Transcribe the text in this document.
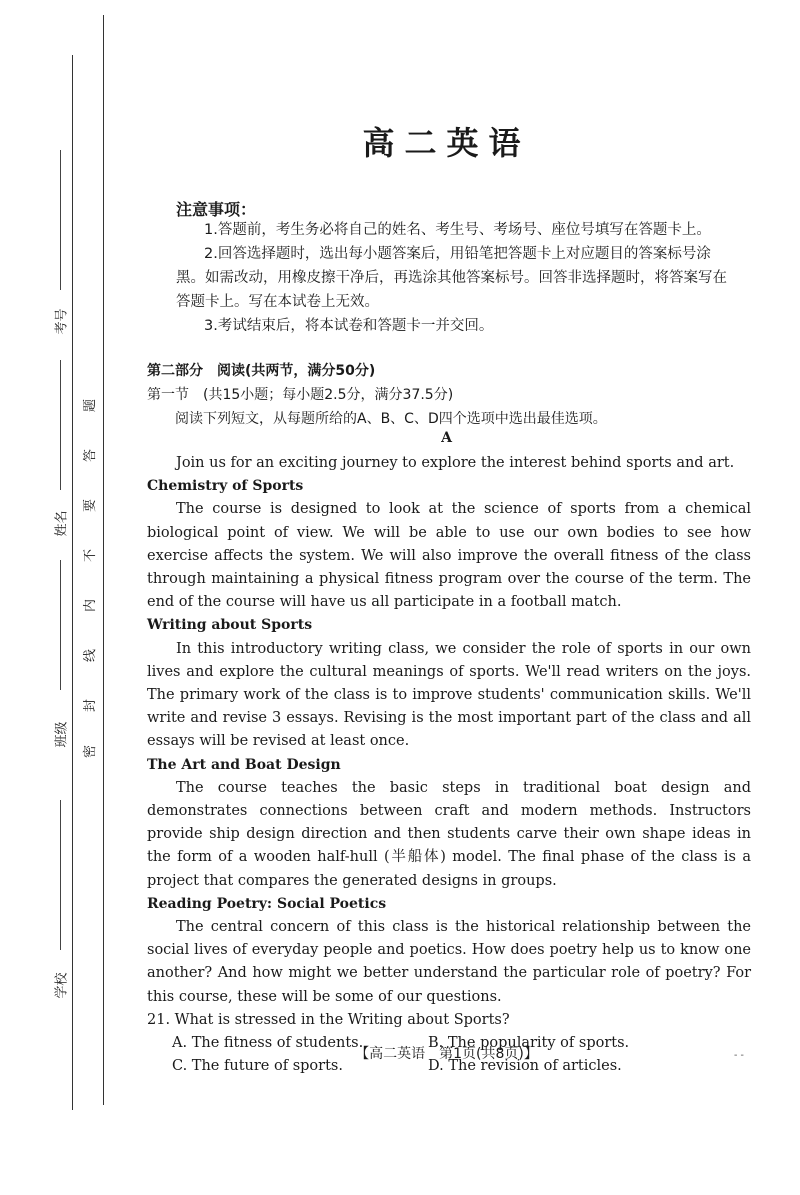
考号
姓名
班级
学校
题
答
要
不
内
线
封
密
高二英语
注意事项：

1.答题前，考生务必将自己的姓名、考生号、考场号、座位号填写在答题卡上。

2.回答选择题时，选出每小题答案后，用铅笔把答题卡上对应题目的答案标号涂黑。如需改动，用橡皮擦干净后，再选涂其他答案标号。回答非选择题时，将答案写在答题卡上。写在本试卷上无效。

3.考试结束后，将本试卷和答题卡一并交回。

第二部分　阅读(共两节，满分50分)
第一节　(共15小题；每小题2.5分，满分37.5分)
阅读下列短文，从每题所给的A、B、C、D四个选项中选出最佳选项。
A

Join us for an exciting journey to explore the interest behind sports and art.

Chemistry of Sports

The course is designed to look at the science of sports from a chemical biological point of view. We will be able to use our own bodies to see how exercise affects the system. We will also improve the overall fitness of the class through maintaining a physical fitness program over the course of the term. The end of the course will have us all participate in a football match.

Writing about Sports

In this introductory writing class, we consider the role of sports in our own lives and explore the cultural meanings of sports. We'll read writers on the joys. The primary work of the class is to improve students' communication skills. We'll write and revise 3 essays. Revising is the most important part of the class and all essays will be revised at least once.

The Art and Boat Design

The course teaches the basic steps in traditional boat design and demonstrates connections between craft and modern methods. Instructors provide ship design direction and then students carve their own shape ideas in the form of a wooden half-hull (半船体) model. The final phase of the class is a project that compares the generated designs in groups.

Reading Poetry: Social Poetics

The central concern of this class is the historical relationship between the social lives of everyday people and poetics. How does poetry help us to know one another? And how might we better understand the particular role of poetry? For this course, these will be some of our questions.

21. What is stressed in the Writing about Sports?

A. The fitness of students.	B. The popularity of sports.
C. The future of sports.	D. The revision of articles.
【高二英语　第1页(共8页)】	- -
